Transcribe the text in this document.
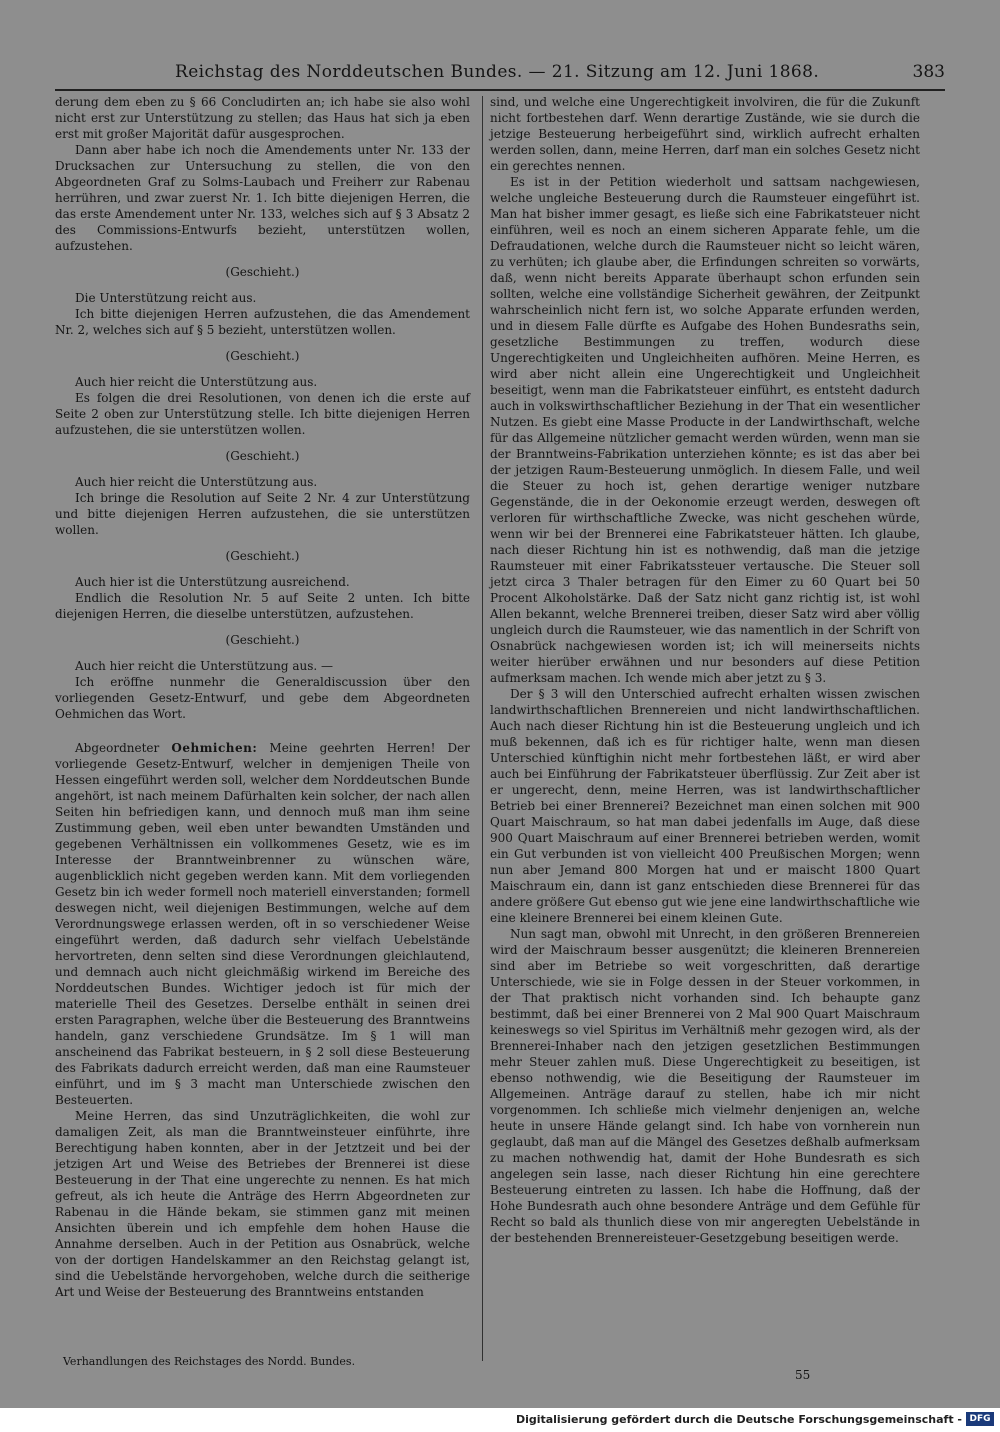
Reichstag des Norddeutschen Bundes. — 21. Sitzung am 12. Juni 1868.	383

derung dem eben zu § 66 Concludirten an; ich habe sie also wohl nicht erst zur Unterstützung zu stellen; das Haus hat sich ja eben erst mit großer Majorität dafür ausgesprochen.

Dann aber habe ich noch die Amendements unter Nr. 133 der Drucksachen zur Untersuchung zu stellen, die von den Abgeordneten Graf zu Solms-Laubach und Freiherr zur Rabenau herrühren, und zwar zuerst Nr. 1. Ich bitte diejenigen Herren, die das erste Amendement unter Nr. 133, welches sich auf § 3 Absatz 2 des Commissions-Entwurfs bezieht, unterstützen wollen, aufzustehen.

(Geschieht.)

Die Unterstützung reicht aus.

Ich bitte diejenigen Herren aufzustehen, die das Amendement Nr. 2, welches sich auf § 5 bezieht, unterstützen wollen.

(Geschieht.)

Auch hier reicht die Unterstützung aus.

Es folgen die drei Resolutionen, von denen ich die erste auf Seite 2 oben zur Unterstützung stelle. Ich bitte diejenigen Herren aufzustehen, die sie unterstützen wollen.

(Geschieht.)

Auch hier reicht die Unterstützung aus.

Ich bringe die Resolution auf Seite 2 Nr. 4 zur Unterstützung und bitte diejenigen Herren aufzustehen, die sie unterstützen wollen.

(Geschieht.)

Auch hier ist die Unterstützung ausreichend.

Endlich die Resolution Nr. 5 auf Seite 2 unten. Ich bitte diejenigen Herren, die dieselbe unterstützen, aufzustehen.

(Geschieht.)

Auch hier reicht die Unterstützung aus. —

Ich eröffne nunmehr die Generaldiscussion über den vorliegenden Gesetz-Entwurf, und gebe dem Abgeordneten Oehmichen das Wort.

Abgeordneter Oehmichen: Meine geehrten Herren! Der vorliegende Gesetz-Entwurf, welcher in demjenigen Theile von Hessen eingeführt werden soll, welcher dem Norddeutschen Bunde angehört, ist nach meinem Dafürhalten kein solcher, der nach allen Seiten hin befriedigen kann, und dennoch muß man ihm seine Zustimmung geben, weil eben unter bewandten Umständen und gegebenen Verhältnissen ein vollkommenes Gesetz, wie es im Interesse der Branntweinbrenner zu wünschen wäre, augenblicklich nicht gegeben werden kann. Mit dem vorliegenden Gesetz bin ich weder formell noch materiell einverstanden; formell deswegen nicht, weil diejenigen Bestimmungen, welche auf dem Verordnungswege erlassen werden, oft in so verschiedener Weise eingeführt werden, daß dadurch sehr vielfach Uebelstände hervortreten, denn selten sind diese Verordnungen gleichlautend, und demnach auch nicht gleichmäßig wirkend im Bereiche des Norddeutschen Bundes. Wichtiger jedoch ist für mich der materielle Theil des Gesetzes. Derselbe enthält in seinen drei ersten Paragraphen, welche über die Besteuerung des Branntweins handeln, ganz verschiedene Grundsätze. Im § 1 will man anscheinend das Fabrikat besteuern, in § 2 soll diese Besteuerung des Fabrikats dadurch erreicht werden, daß man eine Raumsteuer einführt, und im § 3 macht man Unterschiede zwischen den Besteuerten.

Meine Herren, das sind Unzuträglichkeiten, die wohl zur damaligen Zeit, als man die Branntweinsteuer einführte, ihre Berechtigung haben konnten, aber in der Jetztzeit und bei der jetzigen Art und Weise des Betriebes der Brennerei ist diese Besteuerung in der That eine ungerechte zu nennen. Es hat mich gefreut, als ich heute die Anträge des Herrn Abgeordneten zur Rabenau in die Hände bekam, sie stimmen ganz mit meinen Ansichten überein und ich empfehle dem hohen Hause die Annahme derselben. Auch in der Petition aus Osnabrück, welche von der dortigen Handelskammer an den Reichstag gelangt ist, sind die Uebelstände hervorgehoben, welche durch die seitherige Art und Weise der Besteuerung des Branntweins entstanden

sind, und welche eine Ungerechtigkeit involviren, die für die Zukunft nicht fortbestehen darf. Wenn derartige Zustände, wie sie durch die jetzige Besteuerung herbeigeführt sind, wirklich aufrecht erhalten werden sollen, dann, meine Herren, darf man ein solches Gesetz nicht ein gerechtes nennen.

Es ist in der Petition wiederholt und sattsam nachgewiesen, welche ungleiche Besteuerung durch die Raumsteuer eingeführt ist. Man hat bisher immer gesagt, es ließe sich eine Fabrikatsteuer nicht einführen, weil es noch an einem sicheren Apparate fehle, um die Defraudationen, welche durch die Raumsteuer nicht so leicht wären, zu verhüten; ich glaube aber, die Erfindungen schreiten so vorwärts, daß, wenn nicht bereits Apparate überhaupt schon erfunden sein sollten, welche eine vollständige Sicherheit gewähren, der Zeitpunkt wahrscheinlich nicht fern ist, wo solche Apparate erfunden werden, und in diesem Falle dürfte es Aufgabe des Hohen Bundesraths sein, gesetzliche Bestimmungen zu treffen, wodurch diese Ungerechtigkeiten und Ungleichheiten aufhören. Meine Herren, es wird aber nicht allein eine Ungerechtigkeit und Ungleichheit beseitigt, wenn man die Fabrikatsteuer einführt, es entsteht dadurch auch in volkswirthschaftlicher Beziehung in der That ein wesentlicher Nutzen. Es giebt eine Masse Producte in der Landwirthschaft, welche für das Allgemeine nützlicher gemacht werden würden, wenn man sie der Branntweins-Fabrikation unterziehen könnte; es ist das aber bei der jetzigen Raum-Besteuerung unmöglich. In diesem Falle, und weil die Steuer zu hoch ist, gehen derartige weniger nutzbare Gegenstände, die in der Oekonomie erzeugt werden, deswegen oft verloren für wirthschaftliche Zwecke, was nicht geschehen würde, wenn wir bei der Brennerei eine Fabrikatsteuer hätten. Ich glaube, nach dieser Richtung hin ist es nothwendig, daß man die jetzige Raumsteuer mit einer Fabrikatssteuer vertausche. Die Steuer soll jetzt circa 3 Thaler betragen für den Eimer zu 60 Quart bei 50 Procent Alkoholstärke. Daß der Satz nicht ganz richtig ist, ist wohl Allen bekannt, welche Brennerei treiben, dieser Satz wird aber völlig ungleich durch die Raumsteuer, wie das namentlich in der Schrift von Osnabrück nachgewiesen worden ist; ich will meinerseits nichts weiter hierüber erwähnen und nur besonders auf diese Petition aufmerksam machen. Ich wende mich aber jetzt zu § 3.

Der § 3 will den Unterschied aufrecht erhalten wissen zwischen landwirthschaftlichen Brennereien und nicht landwirthschaftlichen. Auch nach dieser Richtung hin ist die Besteuerung ungleich und ich muß bekennen, daß ich es für richtiger halte, wenn man diesen Unterschied künftighin nicht mehr fortbestehen läßt, er wird aber auch bei Einführung der Fabrikatsteuer überflüssig. Zur Zeit aber ist er ungerecht, denn, meine Herren, was ist landwirthschaftlicher Betrieb bei einer Brennerei? Bezeichnet man einen solchen mit 900 Quart Maischraum, so hat man dabei jedenfalls im Auge, daß diese 900 Quart Maischraum auf einer Brennerei betrieben werden, womit ein Gut verbunden ist von vielleicht 400 Preußischen Morgen; wenn nun aber Jemand 800 Morgen hat und er maischt 1800 Quart Maischraum ein, dann ist ganz entschieden diese Brennerei für das andere größere Gut ebenso gut wie jene eine landwirthschaftliche wie eine kleinere Brennerei bei einem kleinen Gute.

Nun sagt man, obwohl mit Unrecht, in den größeren Brennereien wird der Maischraum besser ausgenützt; die kleineren Brennereien sind aber im Betriebe so weit vorgeschritten, daß derartige Unterschiede, wie sie in Folge dessen in der Steuer vorkommen, in der That praktisch nicht vorhanden sind. Ich behaupte ganz bestimmt, daß bei einer Brennerei von 2 Mal 900 Quart Maischraum keineswegs so viel Spiritus im Verhältniß mehr gezogen wird, als der Brennerei-Inhaber nach den jetzigen gesetzlichen Bestimmungen mehr Steuer zahlen muß. Diese Ungerechtigkeit zu beseitigen, ist ebenso nothwendig, wie die Beseitigung der Raumsteuer im Allgemeinen. Anträge darauf zu stellen, habe ich mir nicht vorgenommen. Ich schließe mich vielmehr denjenigen an, welche heute in unsere Hände gelangt sind. Ich habe von vornherein nun geglaubt, daß man auf die Mängel des Gesetzes deßhalb aufmerksam zu machen nothwendig hat, damit der Hohe Bundesrath es sich angelegen sein lasse, nach dieser Richtung hin eine gerechtere Besteuerung eintreten zu lassen. Ich habe die Hoffnung, daß der Hohe Bundesrath auch ohne besondere Anträge und dem Gefühle für Recht so bald als thunlich diese von mir angeregten Uebelstände in der bestehenden Brennereisteuer-Gesetzgebung beseitigen werde.

Verhandlungen des Reichstages des Nordd. Bundes.
55
Digitalisierung gefördert durch die Deutsche Forschungsgemeinschaft - DFG
